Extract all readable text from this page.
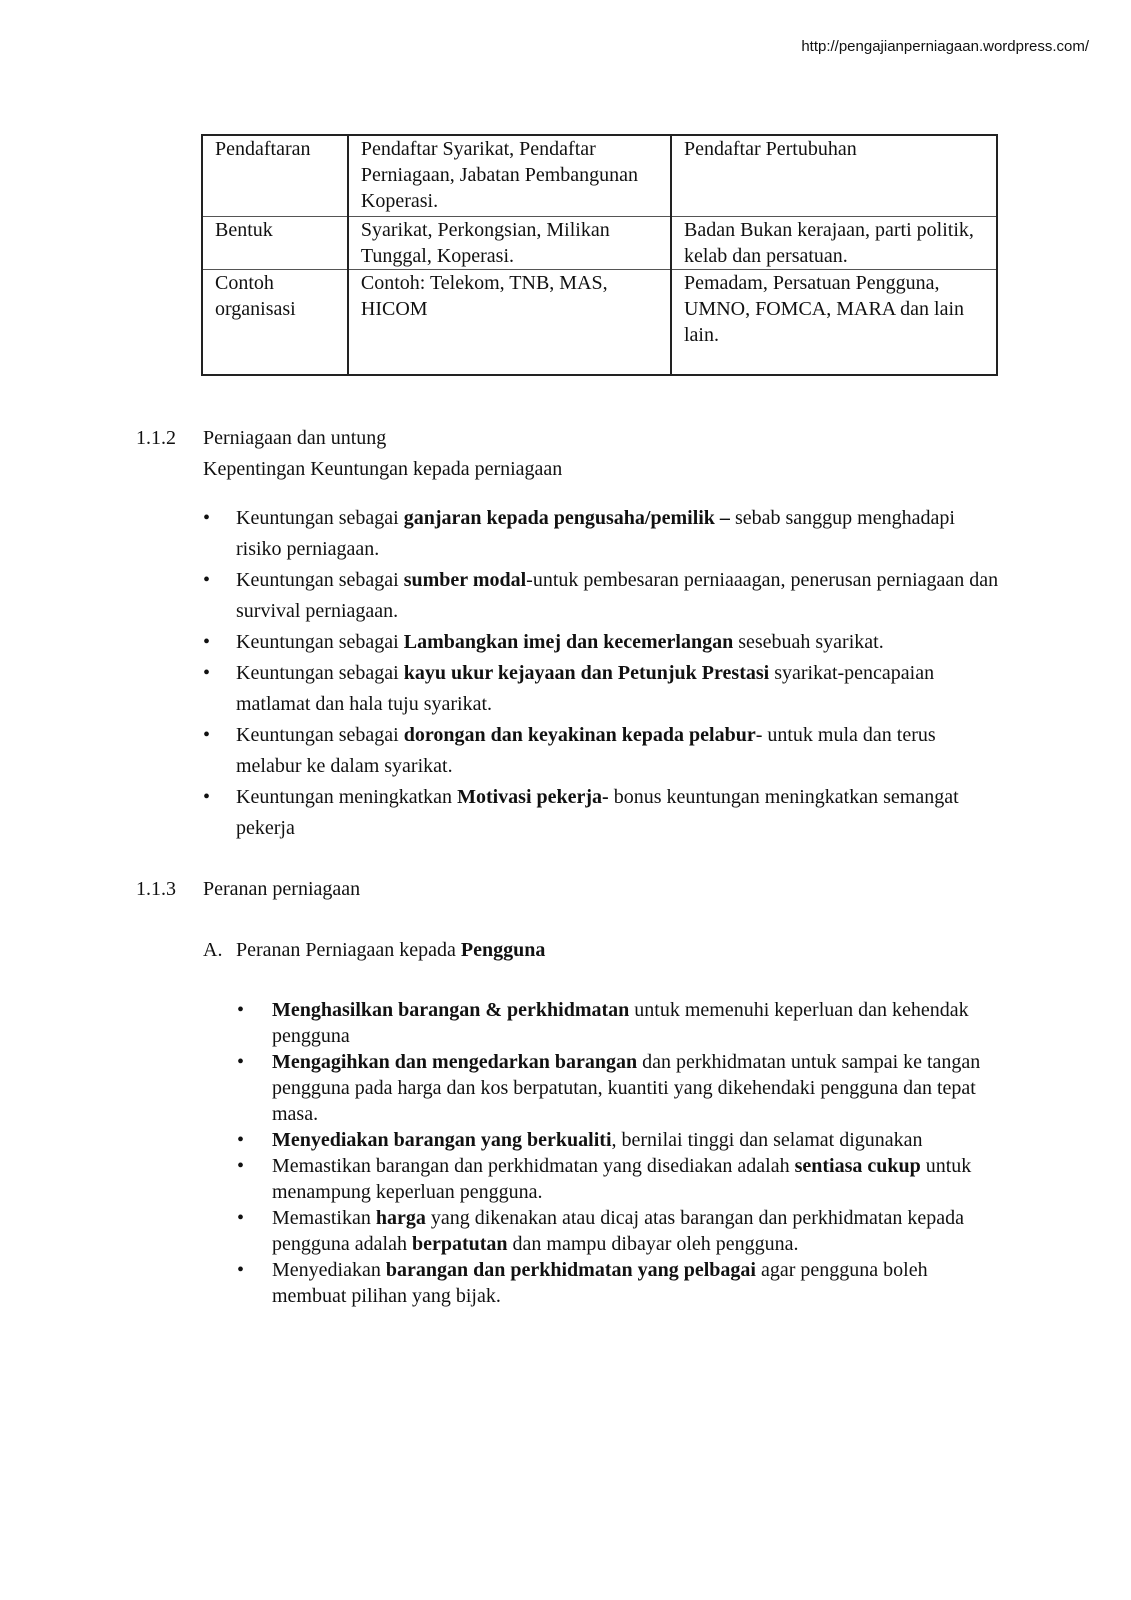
http://pengajianperniagaan.wordpress.com/
Pendaftaran	Pendaftar Syarikat, Pendaftar Perniagaan, Jabatan Pembangunan Koperasi.	Pendaftar Pertubuhan
Bentuk	Syarikat, Perkongsian, Milikan Tunggal, Koperasi.	Badan Bukan kerajaan, parti politik, kelab dan persatuan.
Contoh organisasi	Contoh: Telekom, TNB, MAS, HICOM	Pemadam, Persatuan Pengguna, UMNO, FOMCA, MARA dan lain lain.
1.1.2 Perniagaan dan untung
Kepentingan Keuntungan kepada perniagaan
• Keuntungan sebagai ganjaran kepada pengusaha/pemilik – sebab sanggup menghadapi risiko perniagaan.
• Keuntungan sebagai sumber modal-untuk pembesaran perniaaagan, penerusan perniagaan dan survival perniagaan.
• Keuntungan sebagai Lambangkan imej dan kecemerlangan sesebuah syarikat.
• Keuntungan sebagai kayu ukur kejayaan dan Petunjuk Prestasi syarikat-pencapaian matlamat dan hala tuju syarikat.
• Keuntungan sebagai dorongan dan keyakinan kepada pelabur- untuk mula dan terus melabur ke dalam syarikat.
• Keuntungan meningkatkan Motivasi pekerja- bonus keuntungan meningkatkan semangat pekerja
1.1.3 Peranan perniagaan
A. Peranan Perniagaan kepada Pengguna
• Menghasilkan barangan & perkhidmatan untuk memenuhi keperluan dan kehendak pengguna
• Mengagihkan dan mengedarkan barangan dan perkhidmatan untuk sampai ke tangan pengguna pada harga dan kos berpatutan, kuantiti yang dikehendaki pengguna dan tepat masa.
• Menyediakan barangan yang berkualiti, bernilai tinggi dan selamat digunakan
• Memastikan barangan dan perkhidmatan yang disediakan adalah sentiasa cukup untuk menampung keperluan pengguna.
• Memastikan harga yang dikenakan atau dicaj atas barangan dan perkhidmatan kepada pengguna adalah berpatutan dan mampu dibayar oleh pengguna.
• Menyediakan barangan dan perkhidmatan yang pelbagai agar pengguna boleh membuat pilihan yang bijak.
